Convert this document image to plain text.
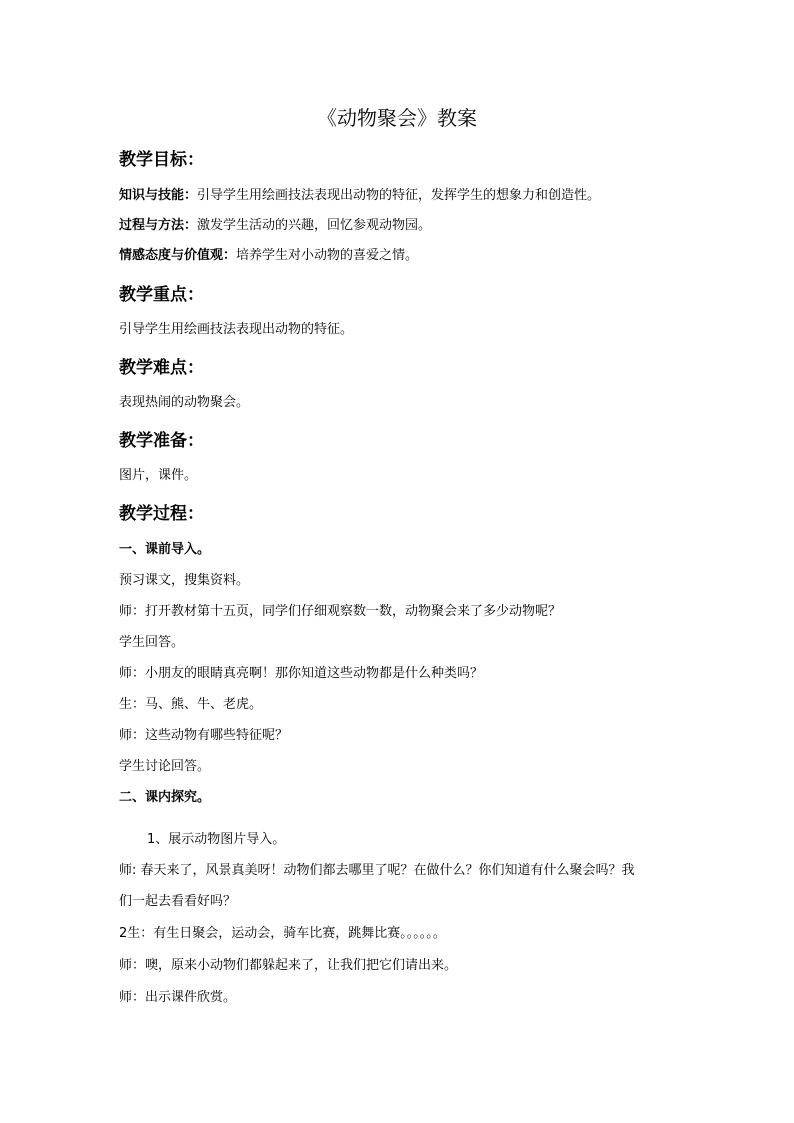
《动物聚会》教案
教学目标：
知识与技能：引导学生用绘画技法表现出动物的特征，发挥学生的想象力和创造性。
过程与方法：激发学生活动的兴趣，回忆参观动物园。
情感态度与价值观：培养学生对小动物的喜爱之情。
教学重点：
引导学生用绘画技法表现出动物的特征。
教学难点：
表现热闹的动物聚会。
教学准备：
图片，课件。
教学过程：
一、课前导入。
预习课文，搜集资料。
师：打开教材第十五页，同学们仔细观察数一数，动物聚会来了多少动物呢？
学生回答。
师：小朋友的眼睛真亮啊！那你知道这些动物都是什么种类吗？
生：马、熊、牛、老虎。
师：这些动物有哪些特征呢？
学生讨论回答。
二、课内探究。
1、展示动物图片导入。
师: 春天来了，风景真美呀！动物们都去哪里了呢？在做什么？你们知道有什么聚会吗？我
们一起去看看好吗？
2生：有生日聚会，运动会，骑车比赛，跳舞比赛。。。。。。
师：噢，原来小动物们都躲起来了，让我们把它们请出来。
师：出示课件欣赏。
